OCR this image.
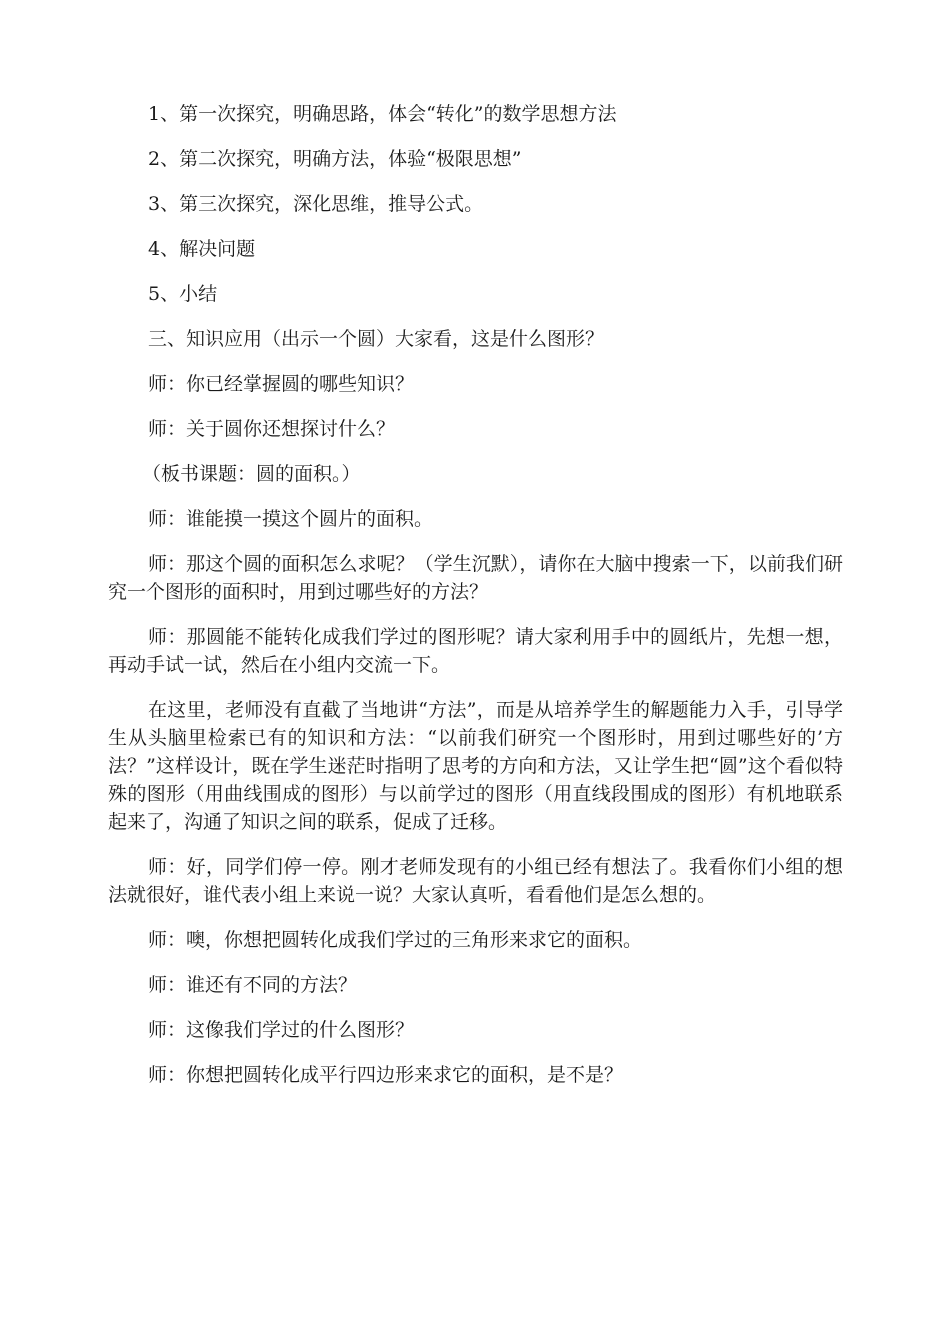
1、第一次探究，明确思路，体会“转化”的数学思想方法

2、第二次探究，明确方法，体验“极限思想”

3、第三次探究，深化思维，推导公式。

4、解决问题

5、小结

三、知识应用（出示一个圆）大家看，这是什么图形？

师：你已经掌握圆的哪些知识？

师：关于圆你还想探讨什么？

（板书课题：圆的面积。）

师：谁能摸一摸这个圆片的面积。

师：那这个圆的面积怎么求呢？（学生沉默），请你在大脑中搜索一下，以前我们研究一个图形的面积时，用到过哪些好的方法？

师：那圆能不能转化成我们学过的图形呢？请大家利用手中的圆纸片，先想一想，再动手试一试，然后在小组内交流一下。

在这里，老师没有直截了当地讲“方法”，而是从培养学生的解题能力入手，引导学生从头脑里检索已有的知识和方法：“以前我们研究一个图形时，用到过哪些好的’方法？”这样设计，既在学生迷茫时指明了思考的方向和方法，又让学生把“圆”这个看似特殊的图形（用曲线围成的图形）与以前学过的图形（用直线段围成的图形）有机地联系起来了，沟通了知识之间的联系，促成了迁移。

师：好，同学们停一停。刚才老师发现有的小组已经有想法了。我看你们小组的想法就很好，谁代表小组上来说一说？大家认真听，看看他们是怎么想的。

师：噢，你想把圆转化成我们学过的三角形来求它的面积。

师：谁还有不同的方法？

师：这像我们学过的什么图形？

师：你想把圆转化成平行四边形来求它的面积，是不是？
